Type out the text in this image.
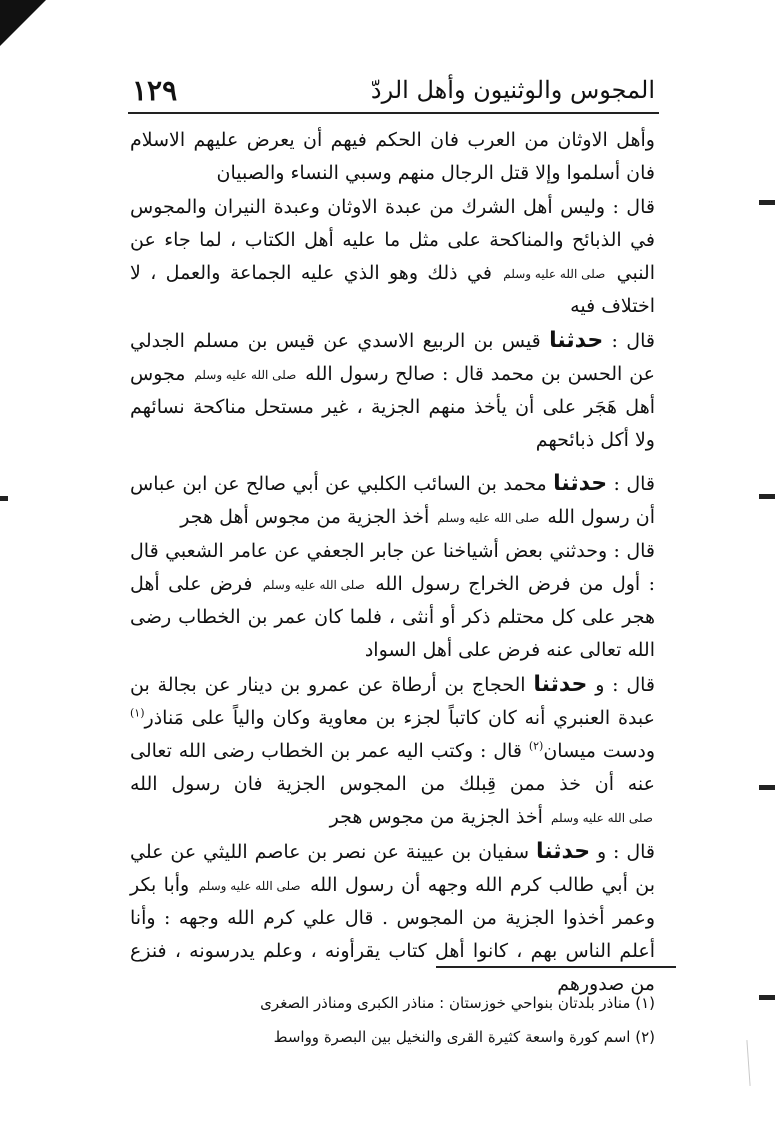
١٢٩	المجوس والوثنيون وأهل الردّ

وأهل الاوثان من العرب فان الحكم فيهم أن يعرض عليهم الاسلام فان أسلموا وإلا قتل الرجال منهم وسبي النساء والصبيان

قال : وليس أهل الشرك من عبدة الاوثان وعبدة النيران والمجوس في الذبائح والمناكحة على مثل ما عليه أهل الكتاب ، لما جاء عن النبي صلى الله عليه وسلم في ذلك وهو الذي عليه الجماعة والعمل ، لا اختلاف فيه

قال : حدثنا قيس بن الربيع الاسدي عن قيس بن مسلم الجدلي عن الحسن بن محمد قال : صالح رسول الله صلى الله عليه وسلم مجوس أهل هَجَر على أن يأخذ منهم الجزية ، غير مستحل مناكحة نسائهم ولا أكل ذبائحهم

قال : حدثنا محمد بن السائب الكلبي عن أبي صالح عن ابن عباس أن رسول الله صلى الله عليه وسلم أخذ الجزية من مجوس أهل هجر

قال : وحدثني بعض أشياخنا عن جابر الجعفي عن عامر الشعبي قال : أول من فرض الخراج رسول الله صلى الله عليه وسلم فرض على أهل هجر على كل محتلم ذكر أو أنثى ، فلما كان عمر بن الخطاب رضى الله تعالى عنه فرض على أهل السواد

قال : و حدثنا الحجاج بن أرطاة عن عمرو بن دينار عن بجالة بن عبدة العنبري أنه كان كاتباً لجزء بن معاوية وكان والياً على مَناذر$^{(١)}$ ودست ميسان$^{(٢)}$ قال : وكتب اليه عمر بن الخطاب رضى الله تعالى عنه أن خذ ممن قِبلك من المجوس الجزية فان رسول الله صلى الله عليه وسلم أخذ الجزية من مجوس هجر

قال : و حدثنا سفيان بن عيينة عن نصر بن عاصم الليثي عن علي بن أبي طالب كرم الله وجهه أن رسول الله صلى الله عليه وسلم وأبا بكر وعمر أخذوا الجزية من المجوس . قال علي كرم الله وجهه : وأنا أعلم الناس بهم ، كانوا أهل كتاب يقرأونه ، وعلم يدرسونه ، فنزع من صدورهم

(١) مناذر بلدتان بنواحي خوزستان : مناذر الكبرى ومناذر الصغرى
(٢) اسم كورة واسعة كثيرة القرى والنخيل بين البصرة وواسط
